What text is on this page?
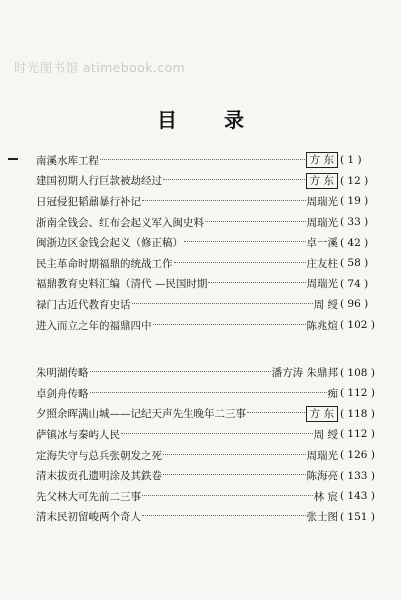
时光图书馆 atimebook.com
目 录
南溪水库工程	方 东 ( 1 )
建国初期人行巨款被劫经过	方 东 ( 12 )
日冠侵犯韬鼐暴行补记	周瑞光 ( 19 )
浙南全钱会、红布会起义军入闽史料	周瑞光 ( 33 )
闽浙边区金钱会起义（修正稿）	卓一溪 ( 42 )
民主革命时期福鼎的统战工作	庄友柱 ( 58 )
福鼎教育史料汇编（清代 —民国时期	周瑞光 ( 74 )
禄门古近代教育史话	周 绶 ( 96 )
进入而立之年的福鼎四中	陈兆煊 ( 102 )
朱明湖传略	潘方涛 朱鼎邦 ( 108 )
卓剑舟传略	痴 ( 112 )
夕照余晖满山城——记纪天声先生晚年二三事	方 东 ( 118 )
萨镇冰与秦屿人民	周 绶 ( 112 )
定海失守与总兵张朝发之死	周瑞光 ( 126 )
清末拔贡孔遗明涂及其鉄卷	陈海亮 ( 133 )
先父林大可先前二三事	林 宸 ( 143 )
清末民初留峻两个奇人	张士图 ( 151 )
